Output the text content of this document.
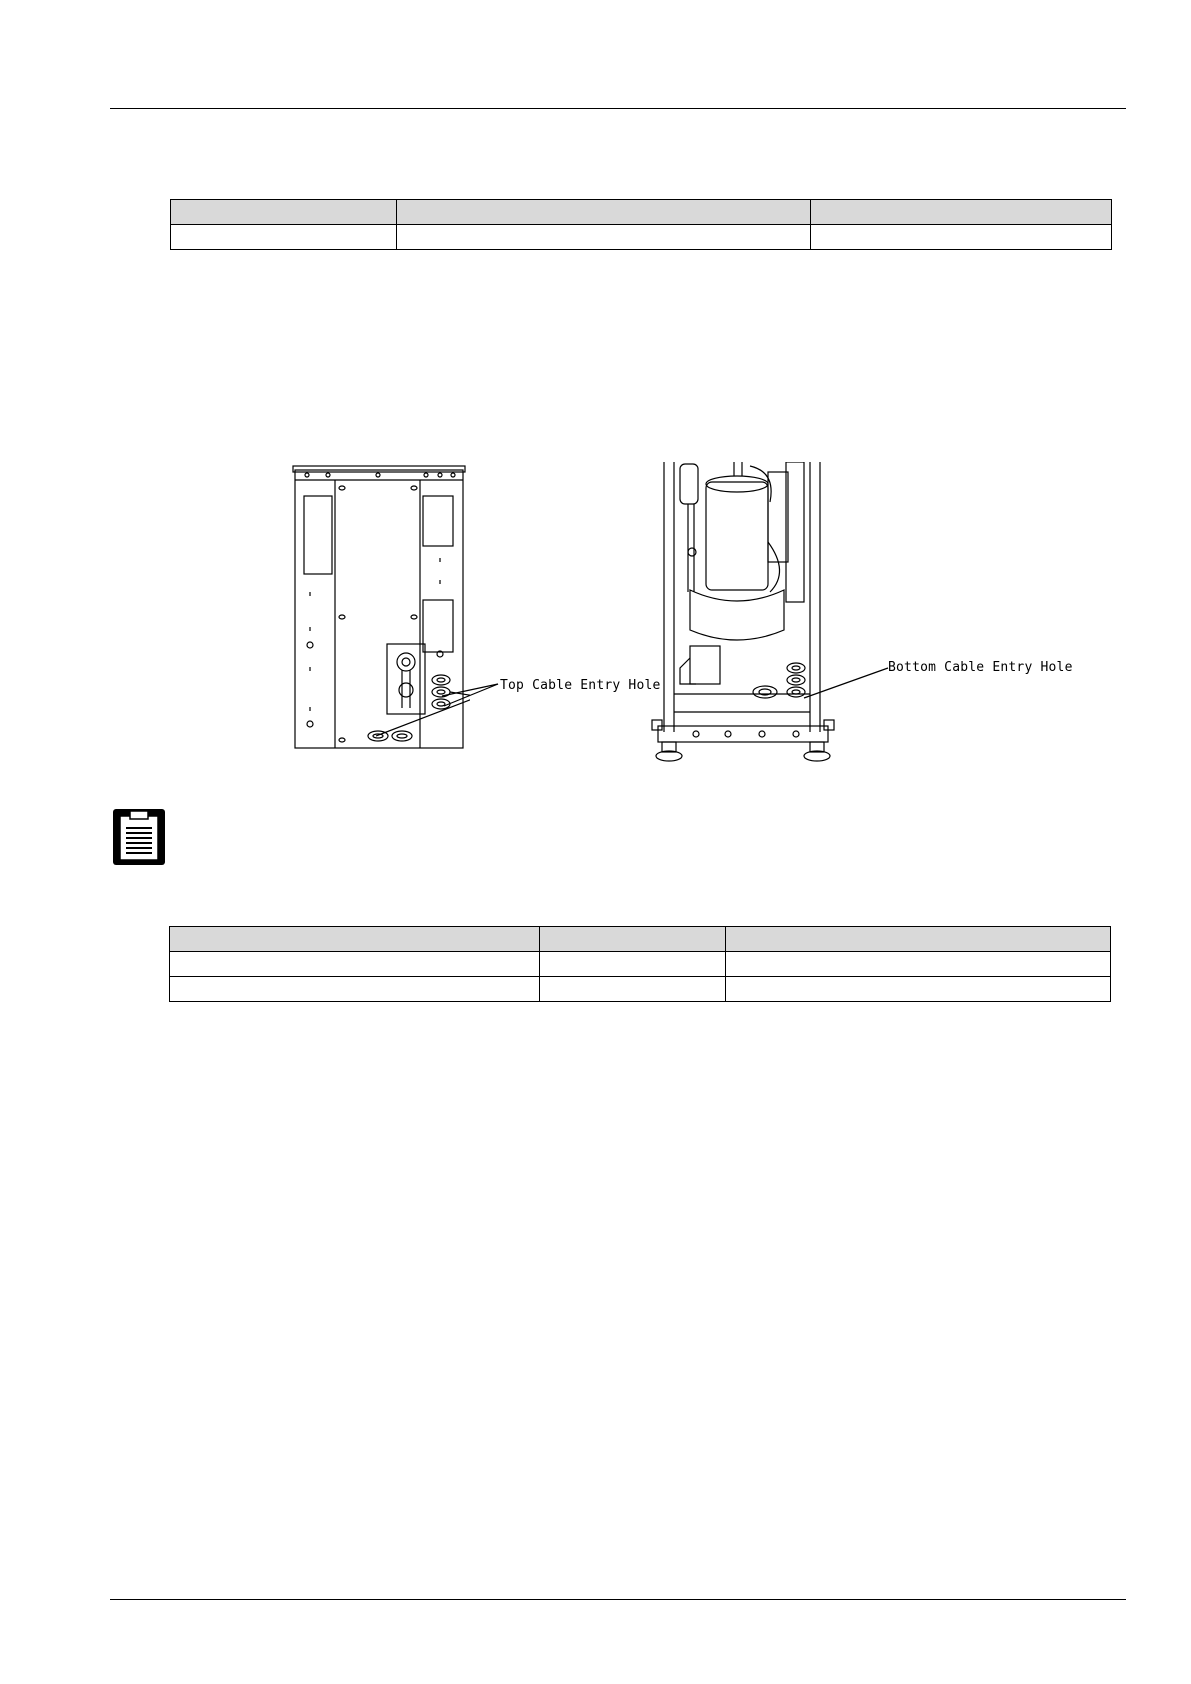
Top Cable Entry Hole
Bottom Cable Entry Hole
